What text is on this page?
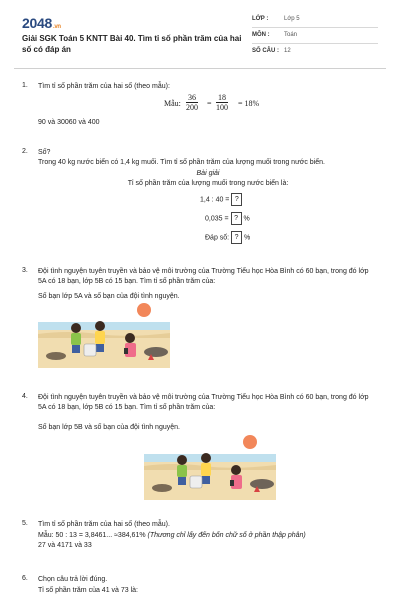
2048.vn
Giải SGK Toán 5 KNTT Bài 40. Tìm tỉ số phần trăm của hai số có đáp án
LỚP :	Lớp 5
MÔN : Toán
SỐ CÂU : 12
1. Tìm tỉ số phần trăm của hai số (theo mẫu):
Mẫu: $\frac{36}{200} = \frac{18}{100} = 18\%$
90 và 30060 và 400
2. Số?
Trong 40 kg nước biển có 1,4 kg muối. Tìm tỉ số phần trăm của lượng muối trong nước biển.
Bài giải
Tỉ số phần trăm của lượng muối trong nước biển là:
1,4 : 40 = ?
0,035 = ? %
Đáp số: ? %
3. Đội tình nguyện tuyên truyền và bảo vệ môi trường của Trường Tiểu học Hòa Bình có 60 bạn, trong đó lớp 5A có 18 bạn, lớp 5B có 15 bạn. Tìm tỉ số phần trăm của:
Số bạn lớp 5A và số bạn của đội tình nguyện.
4. Đội tình nguyện tuyên truyền và bảo vệ môi trường của Trường Tiểu học Hòa Bình có 60 bạn, trong đó lớp 5A có 18 bạn, lớp 5B có 15 bạn. Tìm tỉ số phần trăm của:
Số bạn lớp 5B và số bạn của đội tình nguyện.
5. Tìm tỉ số phần trăm của hai số (theo mẫu).
Mẫu: 50 : 13 = 3,8461... ≈384,61% (Thương chỉ lấy đến bốn chữ số ở phần thập phân)
27 và 4171 và 33
6. Chọn câu trả lời đúng.
Tỉ số phần trăm của 41 và 73 là:
